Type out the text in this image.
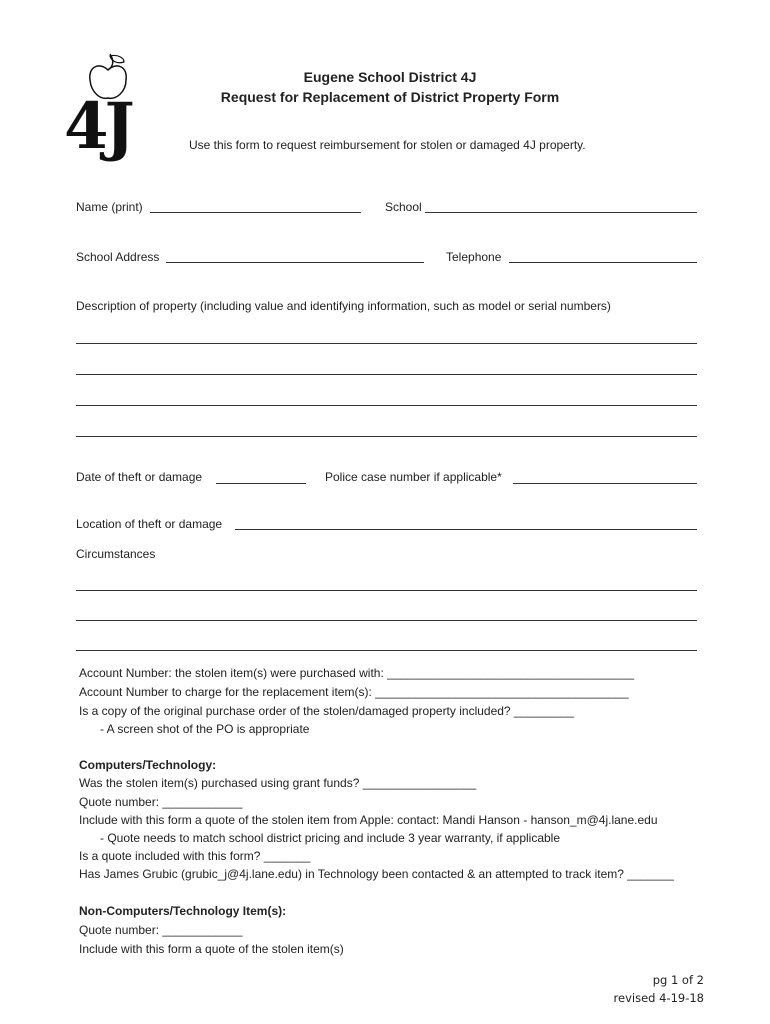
4J
Eugene School District 4J
Request for Replacement of District Property Form
Use this form to request reimbursement for stolen or damaged 4J property.
Name (print)	School
School Address	Telephone
Description of property (including value and identifying information, such as model or serial numbers)
Date of theft or damage	Police case number if applicable*
Location of theft or damage
Circumstances
Account Number: the stolen item(s) were purchased with: _____________________________________
Account Number to charge for the replacement item(s): ______________________________________
Is a copy of the original purchase order of the stolen/damaged property included? _________
- A screen shot of the PO is appropriate
Computers/Technology:
Was the stolen item(s) purchased using grant funds? _________________
Quote number: ____________
Include with this form a quote of the stolen item from Apple: contact: Mandi Hanson - hanson_m@4j.lane.edu
- Quote needs to match school district pricing and include 3 year warranty, if applicable
Is a quote included with this form? _______
Has James Grubic (grubic_j@4j.lane.edu) in Technology been contacted & an attempted to track item? _______
Non-Computers/Technology Item(s):
Quote number: ____________
Include with this form a quote of the stolen item(s)
pg 1 of 2
revised 4-19-18
